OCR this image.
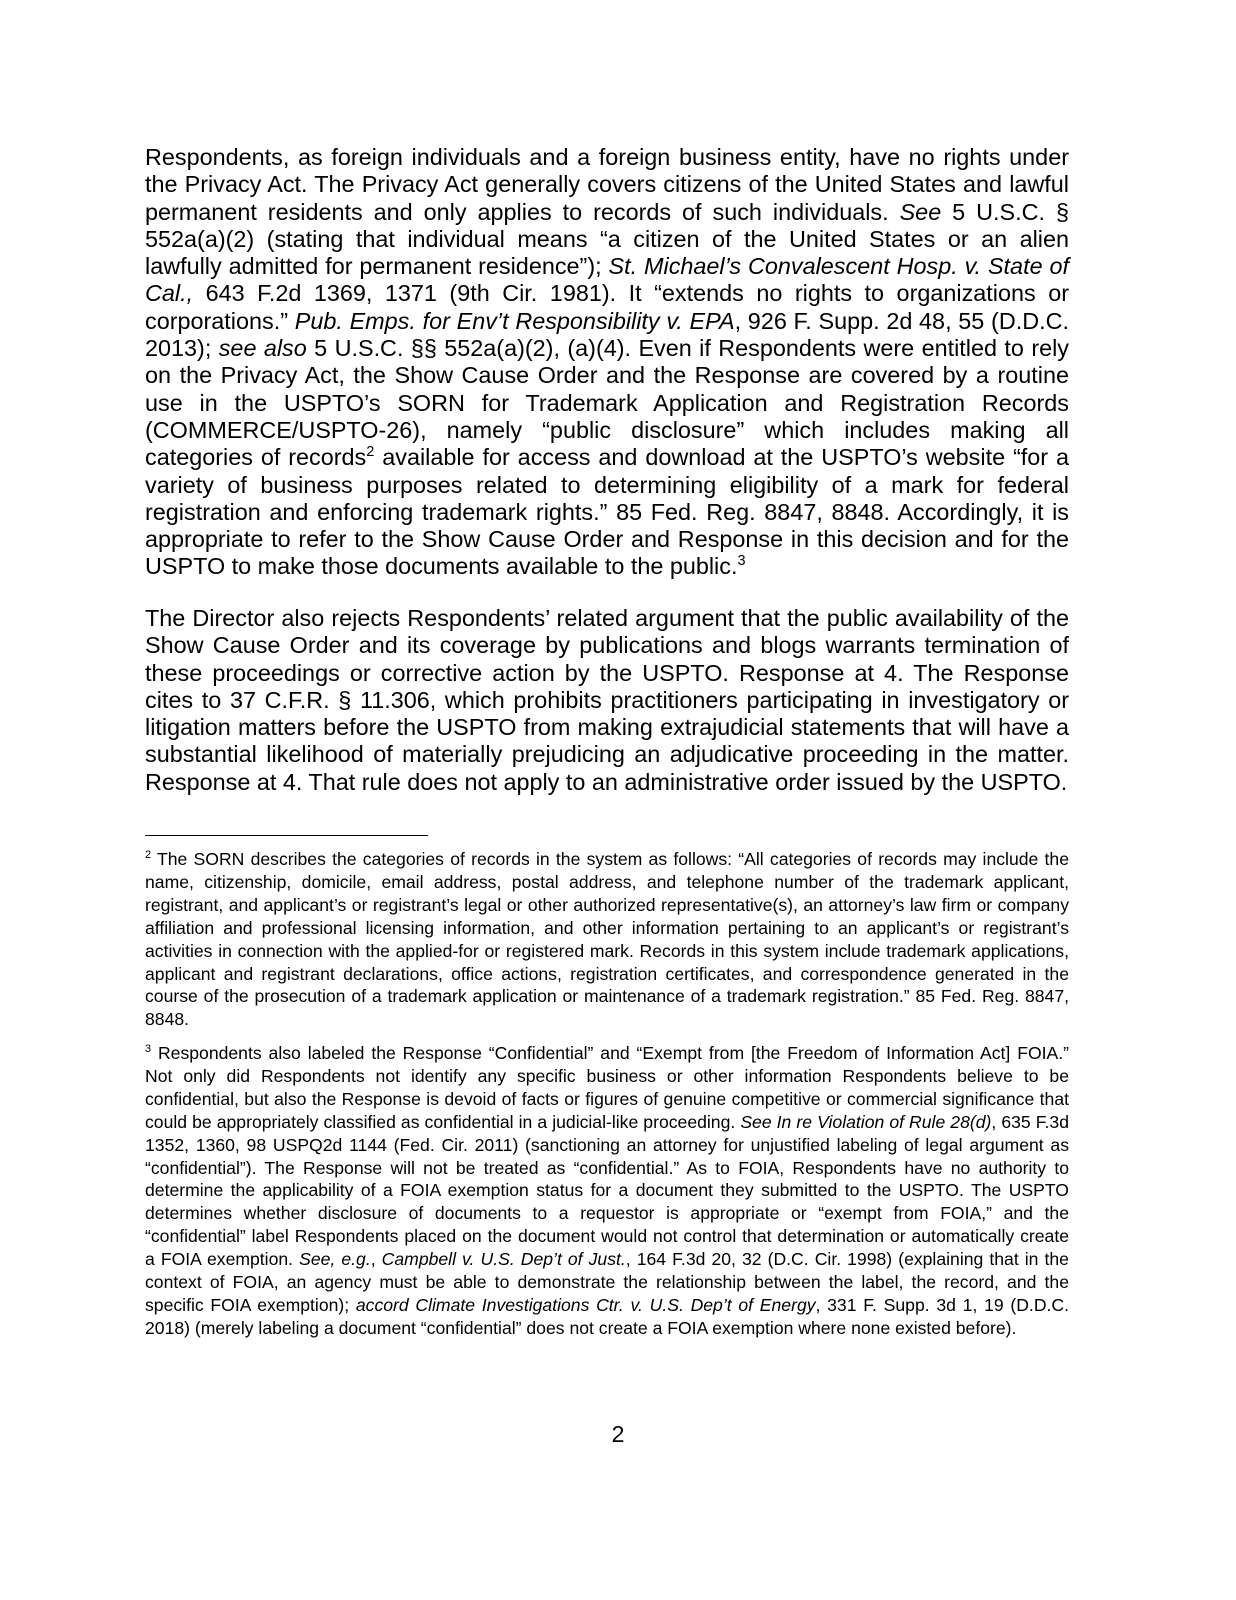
Respondents, as foreign individuals and a foreign business entity, have no rights under the Privacy Act. The Privacy Act generally covers citizens of the United States and lawful permanent residents and only applies to records of such individuals. See 5 U.S.C. § 552a(a)(2) (stating that individual means “a citizen of the United States or an alien lawfully admitted for permanent residence”); St. Michael’s Convalescent Hosp. v. State of Cal., 643 F.2d 1369, 1371 (9th Cir. 1981). It “extends no rights to organizations or corporations.” Pub. Emps. for Env’t Responsibility v. EPA, 926 F. Supp. 2d 48, 55 (D.D.C. 2013); see also 5 U.S.C. §§ 552a(a)(2), (a)(4). Even if Respondents were entitled to rely on the Privacy Act, the Show Cause Order and the Response are covered by a routine use in the USPTO’s SORN for Trademark Application and Registration Records (COMMERCE/USPTO-26), namely “public disclosure” which includes making all categories of records$^2$ available for access and download at the USPTO’s website “for a variety of business purposes related to determining eligibility of a mark for federal registration and enforcing trademark rights.” 85 Fed. Reg. 8847, 8848. Accordingly, it is appropriate to refer to the Show Cause Order and Response in this decision and for the USPTO to make those documents available to the public.$^3$

The Director also rejects Respondents’ related argument that the public availability of the Show Cause Order and its coverage by publications and blogs warrants termination of these proceedings or corrective action by the USPTO. Response at 4. The Response cites to 37 C.F.R. § 11.306, which prohibits practitioners participating in investigatory or litigation matters before the USPTO from making extrajudicial statements that will have a substantial likelihood of materially prejudicing an adjudicative proceeding in the matter. Response at 4. That rule does not apply to an administrative order issued by the USPTO.

$^2$ The SORN describes the categories of records in the system as follows: “All categories of records may include the name, citizenship, domicile, email address, postal address, and telephone number of the trademark applicant, registrant, and applicant’s or registrant’s legal or other authorized representative(s), an attorney’s law firm or company affiliation and professional licensing information, and other information pertaining to an applicant’s or registrant’s activities in connection with the applied-for or registered mark. Records in this system include trademark applications, applicant and registrant declarations, office actions, registration certificates, and correspondence generated in the course of the prosecution of a trademark application or maintenance of a trademark registration.” 85 Fed. Reg. 8847, 8848.

$^3$ Respondents also labeled the Response “Confidential” and “Exempt from [the Freedom of Information Act] FOIA.” Not only did Respondents not identify any specific business or other information Respondents believe to be confidential, but also the Response is devoid of facts or figures of genuine competitive or commercial significance that could be appropriately classified as confidential in a judicial-like proceeding. See In re Violation of Rule 28(d), 635 F.3d 1352, 1360, 98 USPQ2d 1144 (Fed. Cir. 2011) (sanctioning an attorney for unjustified labeling of legal argument as “confidential”). The Response will not be treated as “confidential.” As to FOIA, Respondents have no authority to determine the applicability of a FOIA exemption status for a document they submitted to the USPTO. The USPTO determines whether disclosure of documents to a requestor is appropriate or “exempt from FOIA,” and the “confidential” label Respondents placed on the document would not control that determination or automatically create a FOIA exemption. See, e.g., Campbell v. U.S. Dep’t of Just., 164 F.3d 20, 32 (D.C. Cir. 1998) (explaining that in the context of FOIA, an agency must be able to demonstrate the relationship between the label, the record, and the specific FOIA exemption); accord Climate Investigations Ctr. v. U.S. Dep’t of Energy, 331 F. Supp. 3d 1, 19 (D.D.C. 2018) (merely labeling a document “confidential” does not create a FOIA exemption where none existed before).

2
